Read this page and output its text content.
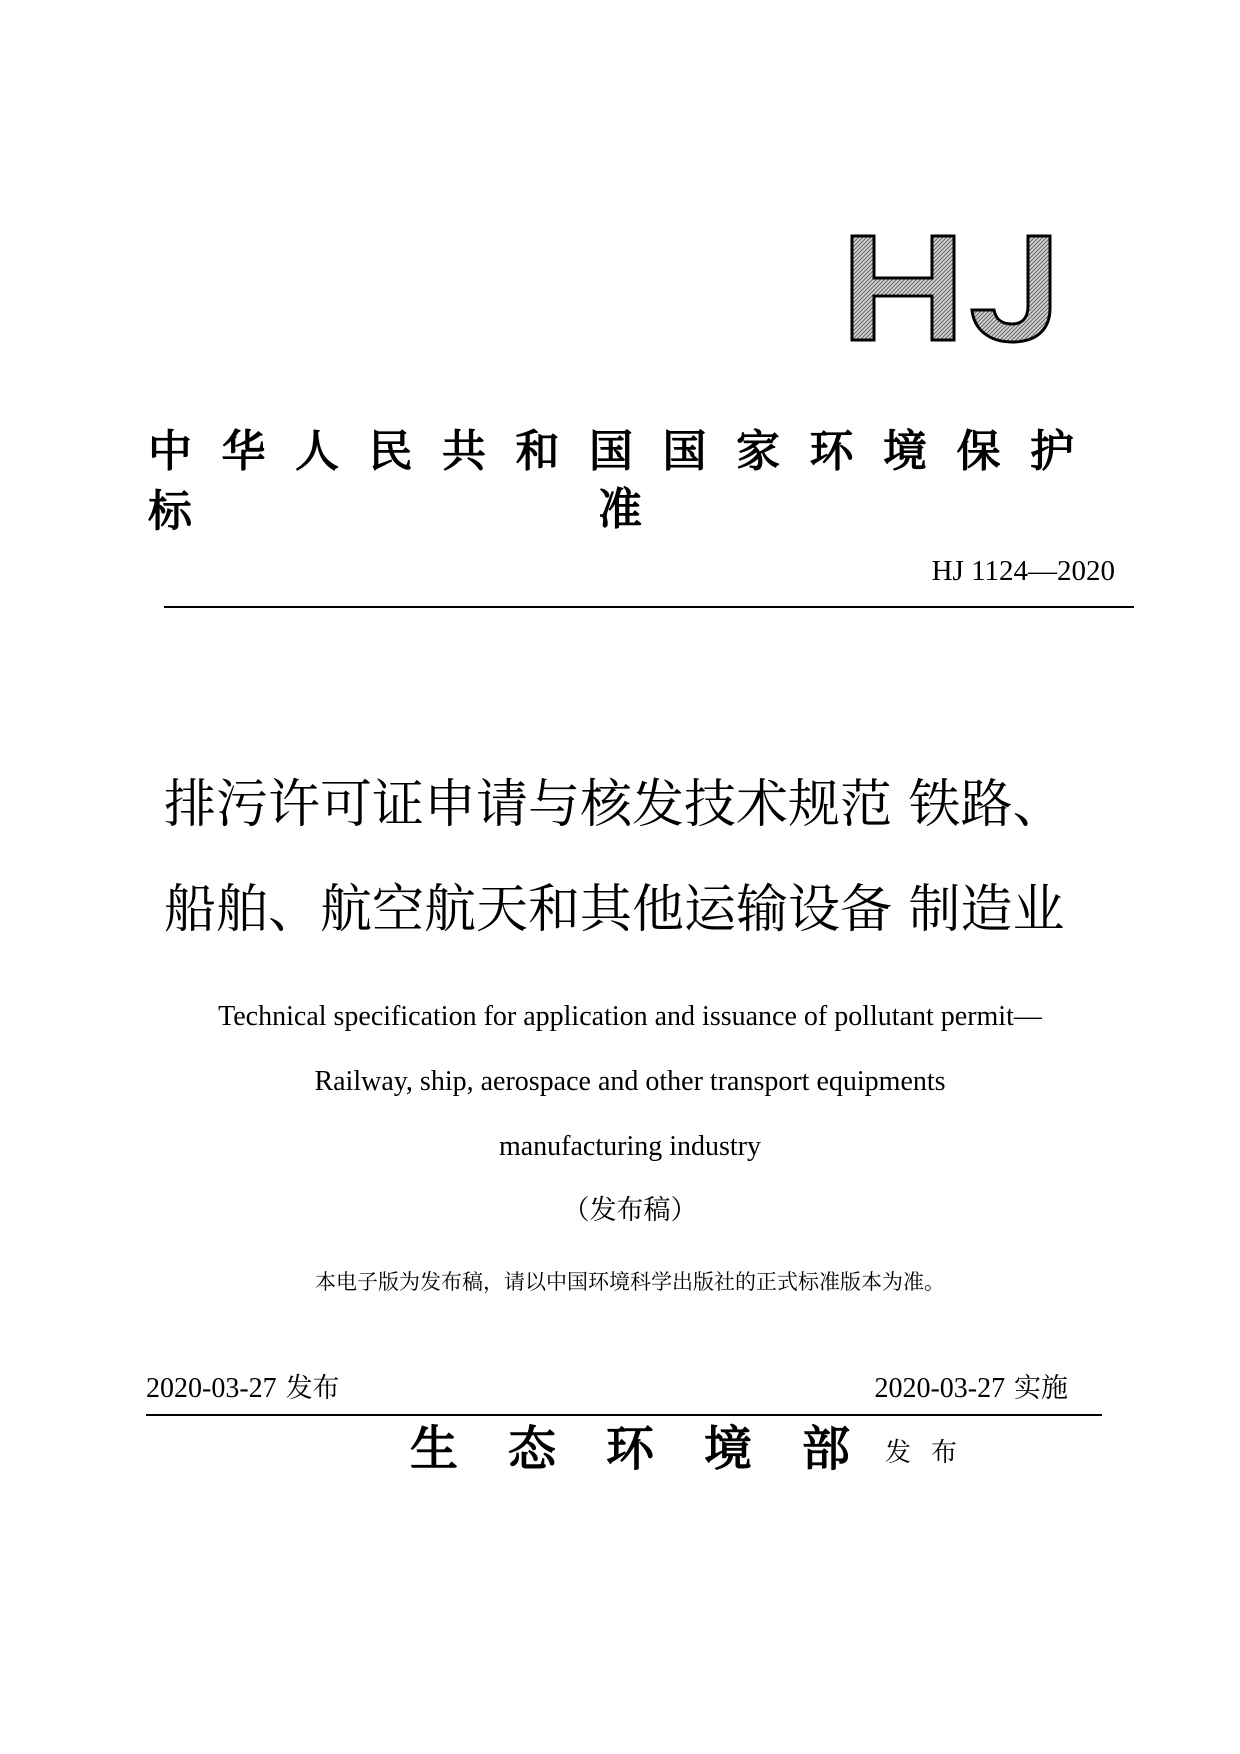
中华人民共和国国家环境保护标	准
HJ 1124—2020
排污许可证申请与核发技术规范 铁路、
船舶、航空航天和其他运输设备 制造业
Technical specification for application and issuance of pollutant permit—
Railway, ship, aerospace and other transport equipments
manufacturing industry
（发布稿）
本电子版为发布稿，请以中国环境科学出版社的正式标准版本为准。
2020-03-27 发布	2020-03-27 实施
生态环境部
发布
